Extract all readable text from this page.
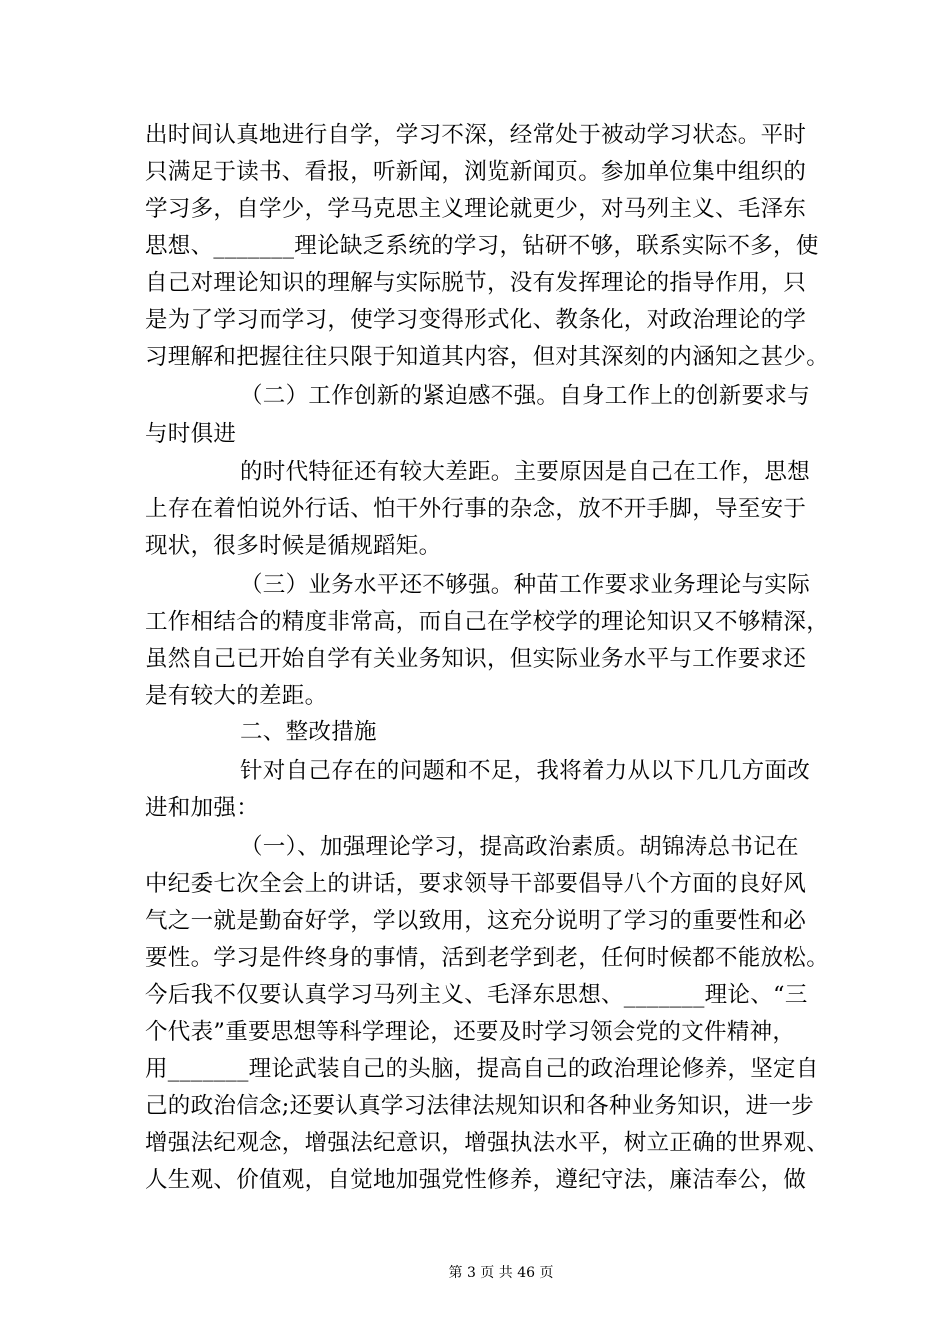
出时间认真地进行自学，学习不深，经常处于被动学习状态。平时
只满足于读书、看报，听新闻，浏览新闻页。参加单位集中组织的
学习多，自学少，学马克思主义理论就更少，对马列主义、毛泽东
思想、_______理论缺乏系统的学习，钻研不够，联系实际不多，使
自己对理论知识的理解与实际脱节，没有发挥理论的指导作用，只
是为了学习而学习，使学习变得形式化、教条化，对政治理论的学
习理解和把握往往只限于知道其内容，但对其深刻的内涵知之甚少。
（二）工作创新的紧迫感不强。自身工作上的创新要求与
与时俱进
的时代特征还有较大差距。主要原因是自己在工作，思想
上存在着怕说外行话、怕干外行事的杂念，放不开手脚，导至安于
现状，很多时候是循规蹈矩。
（三）业务水平还不够强。种苗工作要求业务理论与实际
工作相结合的精度非常高，而自己在学校学的理论知识又不够精深，
虽然自己已开始自学有关业务知识，但实际业务水平与工作要求还
是有较大的差距。
二、整改措施
针对自己存在的问题和不足，我将着力从以下几几方面改
进和加强：
（一）、加强理论学习，提高政治素质。胡锦涛总书记在
中纪委七次全会上的讲话，要求领导干部要倡导八个方面的良好风
气之一就是勤奋好学，学以致用，这充分说明了学习的重要性和必
要性。学习是件终身的事情，活到老学到老，任何时候都不能放松。
今后我不仅要认真学习马列主义、毛泽东思想、_______理论、“三
个代表”重要思想等科学理论，还要及时学习领会党的文件精神，
用_______理论武装自己的头脑，提高自己的政治理论修养，坚定自
己的政治信念;还要认真学习法律法规知识和各种业务知识，进一步
增强法纪观念，增强法纪意识，增强执法水平，树立正确的世界观、
人生观、价值观，自觉地加强党性修养，遵纪守法，廉洁奉公，做
第 3 页 共 46 页
